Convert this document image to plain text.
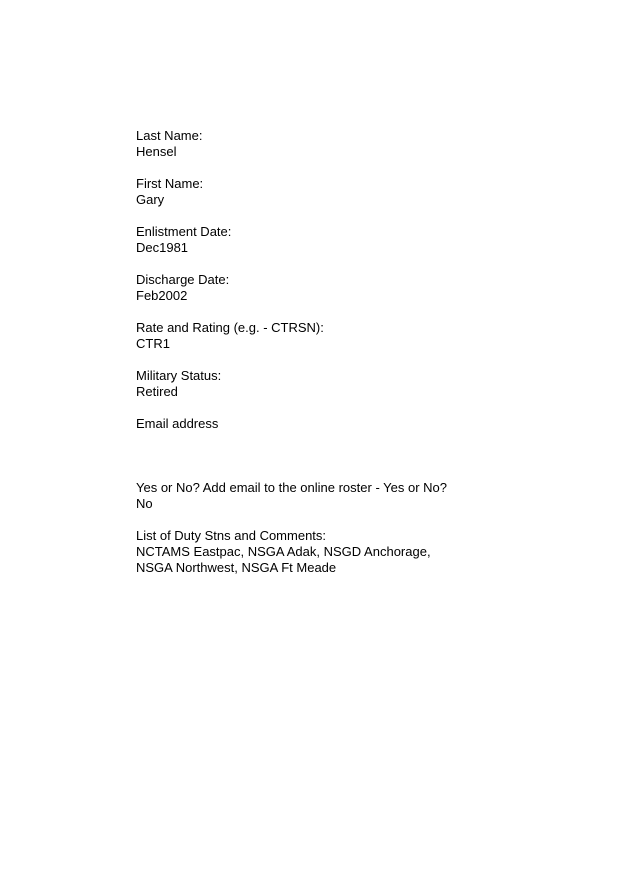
Last Name:
Hensel
First Name:
Gary
Enlistment Date:
Dec1981
Discharge Date:
Feb2002
Rate and Rating (e.g. - CTRSN):
CTR1
Military Status:
Retired
Email address
Yes or No? Add email to the online roster - Yes or No?
No
List of Duty Stns and Comments:
NCTAMS Eastpac, NSGA Adak, NSGD Anchorage,
NSGA Northwest, NSGA Ft Meade
